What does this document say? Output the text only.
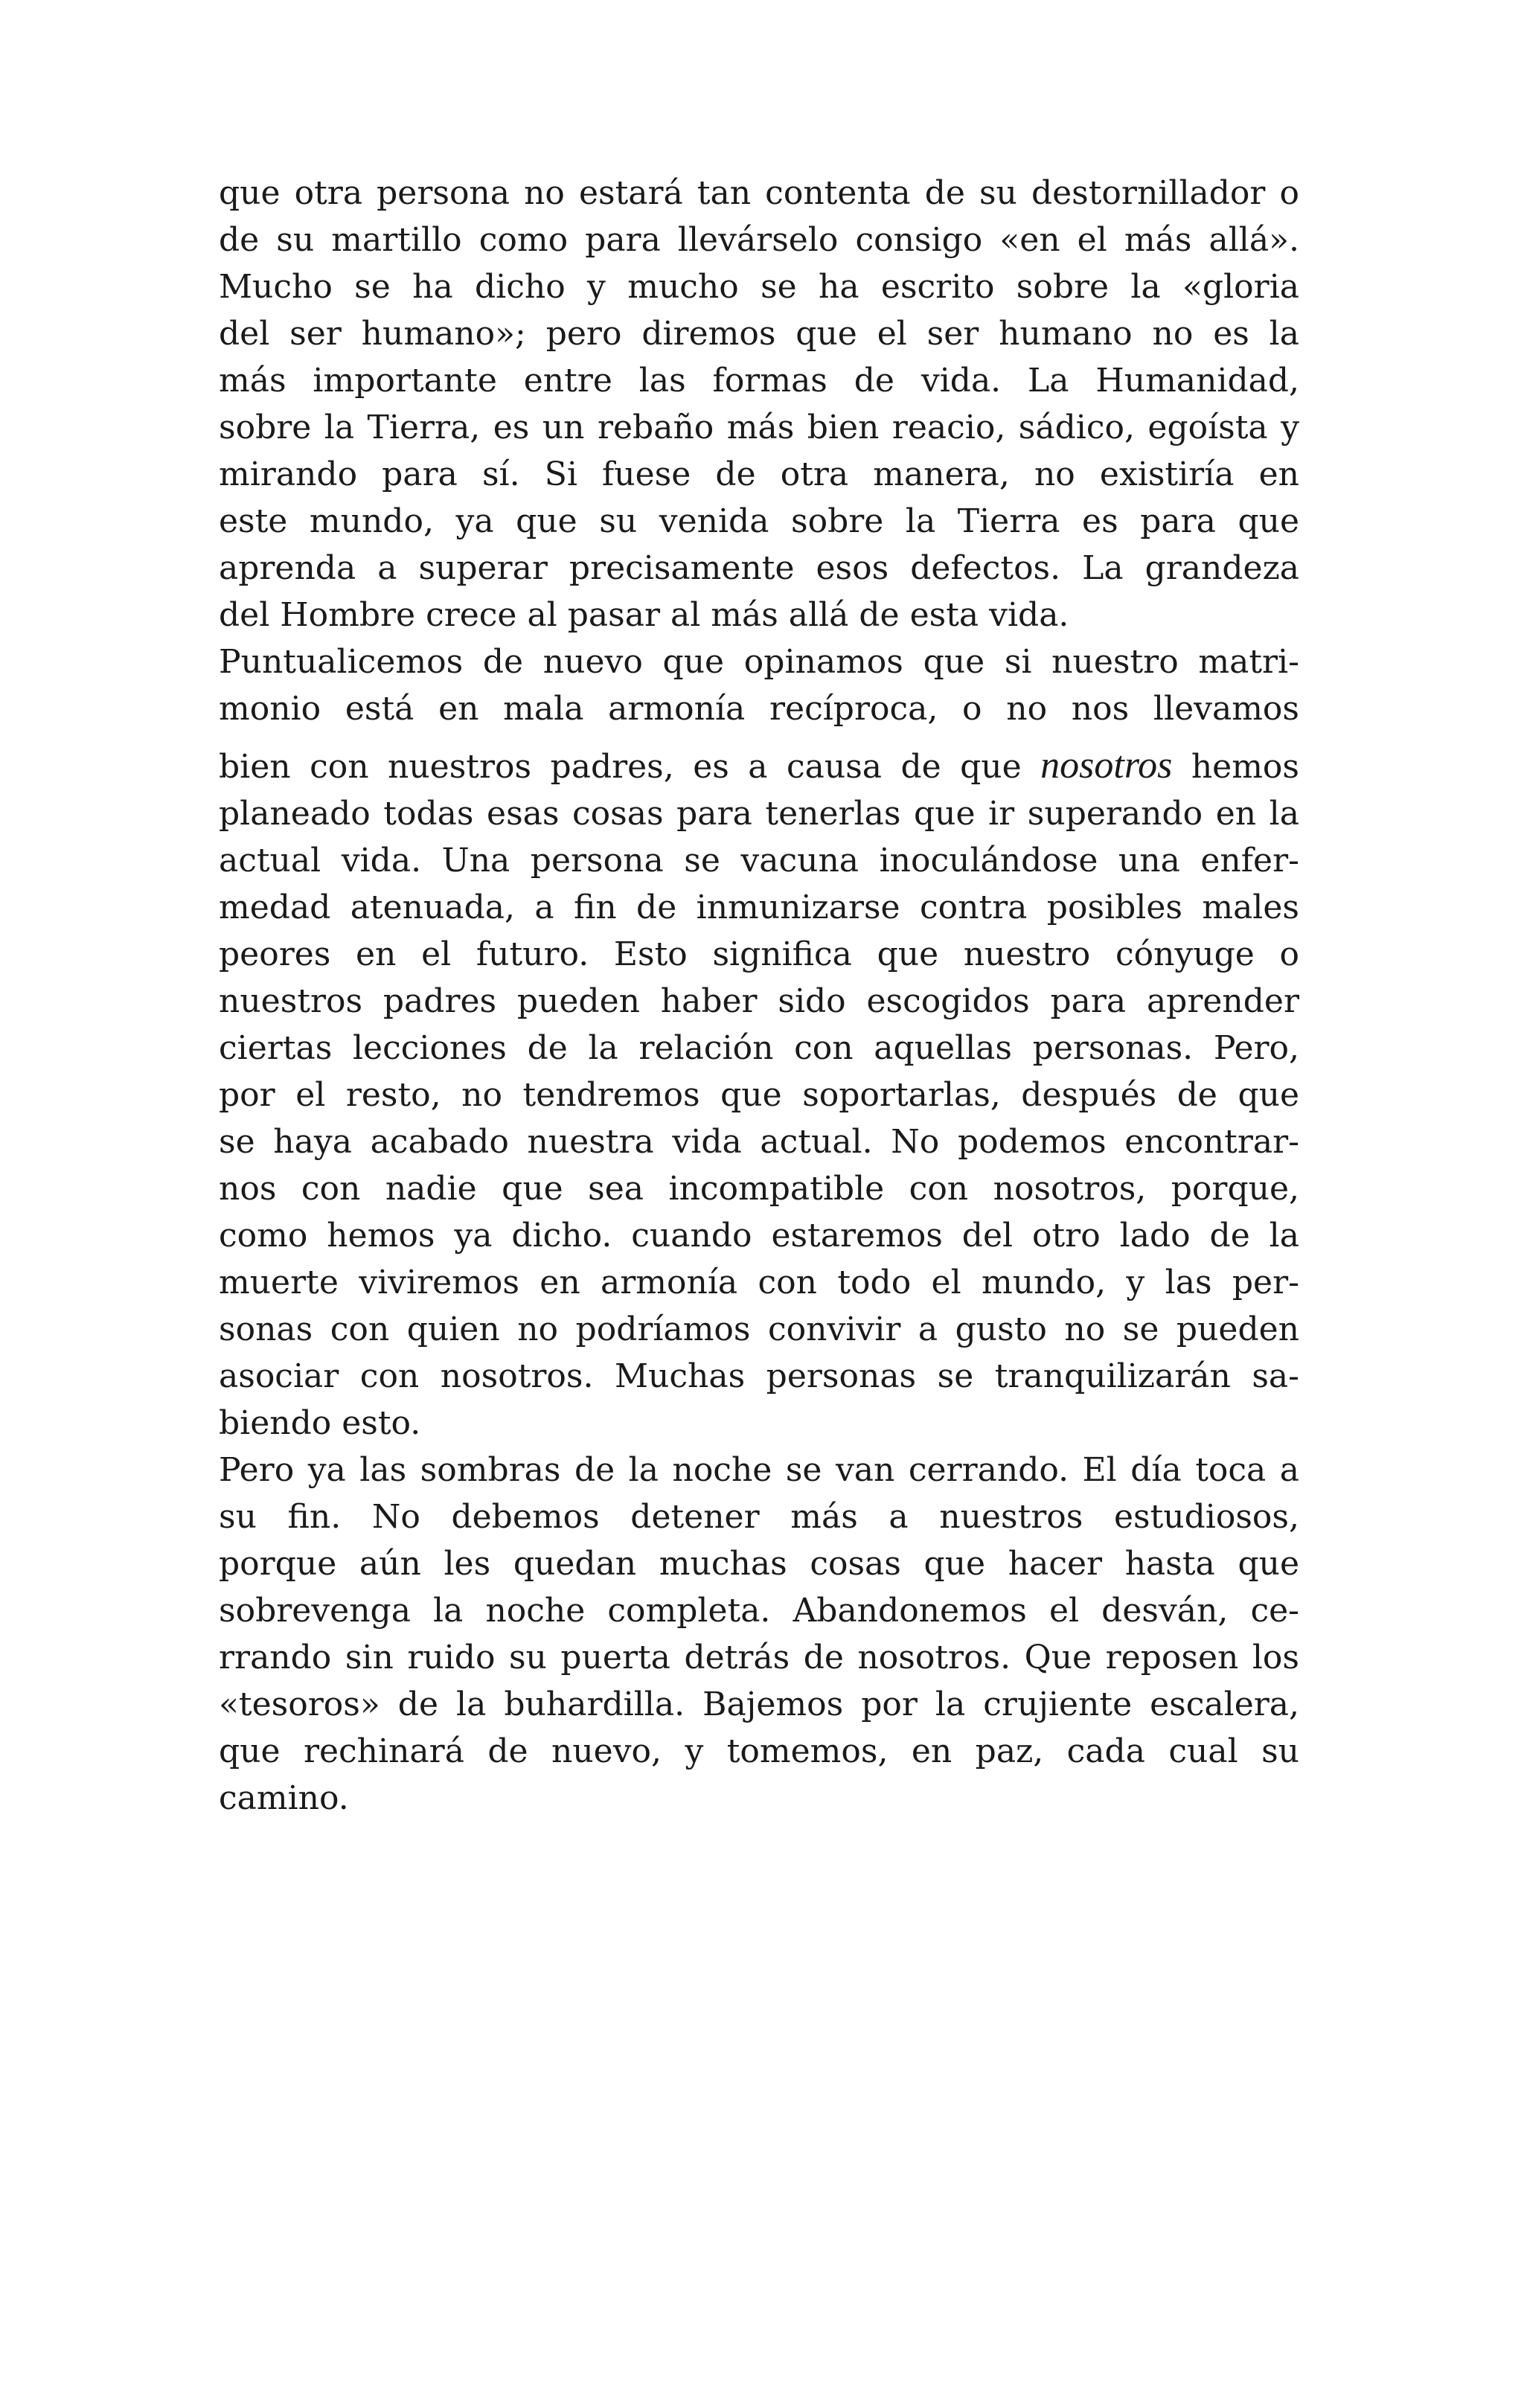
que otra persona no estará tan contenta de su destornillador o
de su martillo como para llevárselo consigo «en el más allá».
Mucho se ha dicho y mucho se ha escrito sobre la «gloria
del ser humano»; pero diremos que el ser humano no es la
más importante entre las formas de vida. La Humanidad,
sobre la Tierra, es un rebaño más bien reacio, sádico, egoísta y
mirando para sí. Si fuese de otra manera, no existiría en
este mundo, ya que su venida sobre la Tierra es para que
aprenda a superar precisamente esos defectos. La grandeza
del Hombre crece al pasar al más allá de esta vida.
Puntualicemos de nuevo que opinamos que si nuestro matri-
monio está en mala armonía recíproca, o no nos llevamos
bien con nuestros padres, es a causa de que nosotros hemos
planeado todas esas cosas para tenerlas que ir superando en la
actual vida. Una persona se vacuna inoculándose una enfer-
medad atenuada, a fin de inmunizarse contra posibles males
peores en el futuro. Esto significa que nuestro cónyuge o
nuestros padres pueden haber sido escogidos para aprender
ciertas lecciones de la relación con aquellas personas. Pero,
por el resto, no tendremos que soportarlas, después de que
se haya acabado nuestra vida actual. No podemos encontrar-
nos con nadie que sea incompatible con nosotros, porque,
como hemos ya dicho. cuando estaremos del otro lado de la
muerte viviremos en armonía con todo el mundo, y las per-
sonas con quien no podríamos convivir a gusto no se pueden
asociar con nosotros. Muchas personas se tranquilizarán sa-
biendo esto.
Pero ya las sombras de la noche se van cerrando. El día toca a
su fin. No debemos detener más a nuestros estudiosos,
porque aún les quedan muchas cosas que hacer hasta que
sobrevenga la noche completa. Abandonemos el desván, ce-
rrando sin ruido su puerta detrás de nosotros. Que reposen los
«tesoros» de la buhardilla. Bajemos por la crujiente escalera,
que rechinará de nuevo, y tomemos, en paz, cada cual su
camino.
